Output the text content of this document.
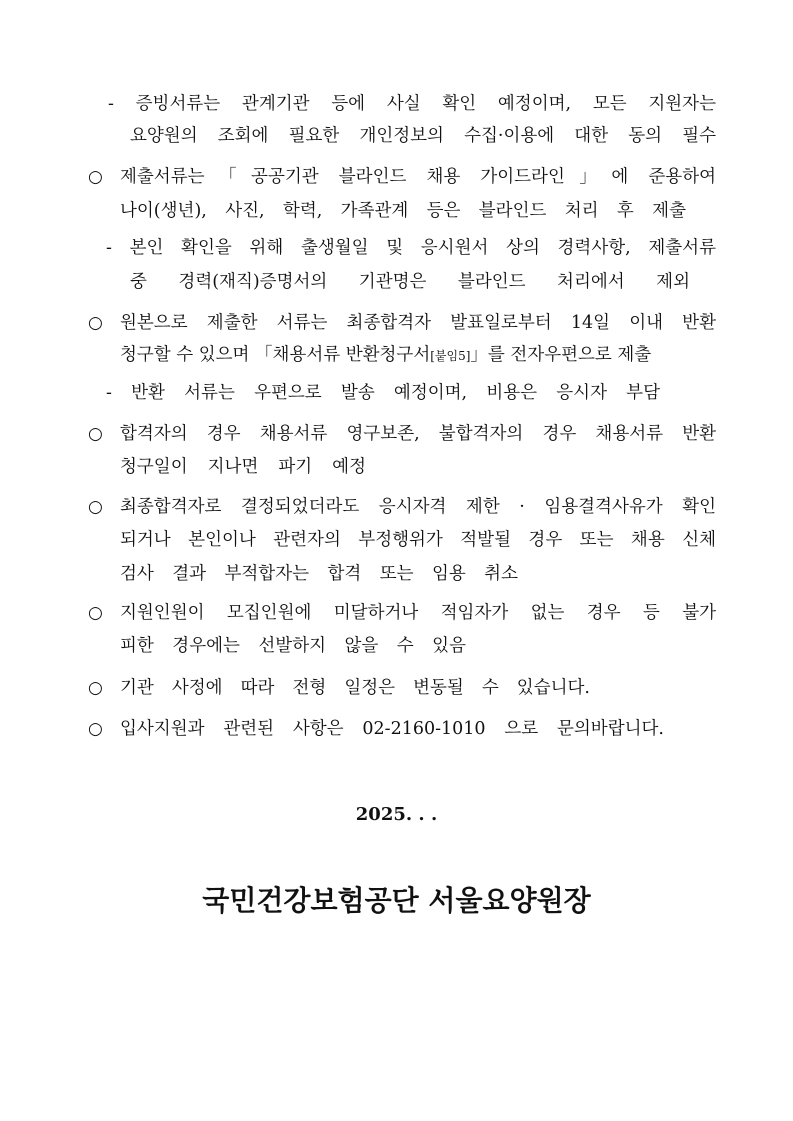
- 증빙서류는 관계기관 등에 사실 확인 예정이며, 모든 지원자는
요양원의 조회에 필요한 개인정보의 수집·이용에 대한 동의 필수
○ 제출서류는「공공기관 블라인드 채용 가이드라인」에 준용하여
나이(생년), 사진, 학력, 가족관계 등은 블라인드 처리 후 제출
- 본인 확인을 위해 출생월일 및 응시원서 상의 경력사항, 제출서류
중 경력(재직)증명서의 기관명은 블라인드 처리에서 제외
○ 원본으로 제출한 서류는 최종합격자 발표일로부터 14일 이내 반환
청구할 수 있으며 「채용서류 반환청구서[붙임5]」를 전자우편으로 제출
- 반환 서류는 우편으로 발송 예정이며, 비용은 응시자 부담
○ 합격자의 경우 채용서류 영구보존, 불합격자의 경우 채용서류 반환
청구일이 지나면 파기 예정
○ 최종합격자로 결정되었더라도 응시자격 제한 · 임용결격사유가 확인
되거나 본인이나 관련자의 부정행위가 적발될 경우 또는 채용 신체
검사 결과 부적합자는 합격 또는 임용 취소
○ 지원인원이 모집인원에 미달하거나 적임자가 없는 경우 등 불가
피한 경우에는 선발하지 않을 수 있음
○ 기관 사정에 따라 전형 일정은 변동될 수 있습니다.
○ 입사지원과 관련된 사항은 02-2160-1010 으로 문의바랍니다.
2025. . .
국민건강보험공단 서울요양원장
